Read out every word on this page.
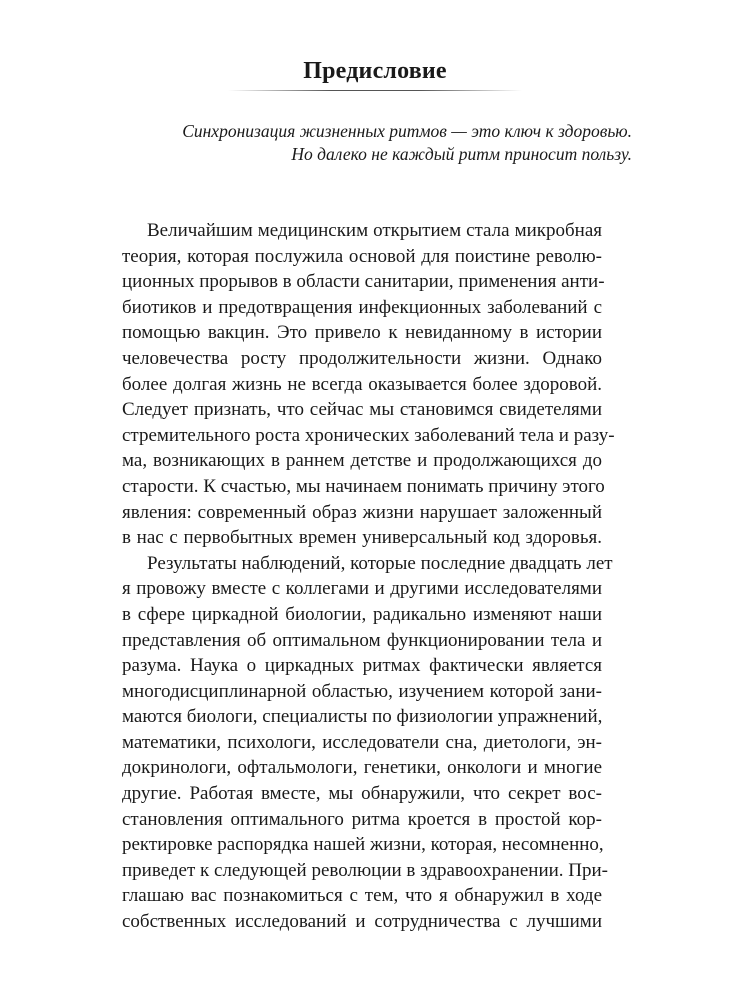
Предисловие
Синхронизация жизненных ритмов — это ключ к здоровью.
Но далеко не каждый ритм приносит пользу.
Величайшим медицинским открытием стала микробная
теория, которая послужила основой для поистине револю-
ционных прорывов в области санитарии, применения анти-
биотиков и предотвращения инфекционных заболеваний с
помощью вакцин. Это привело к невиданному в истории
человечества росту продолжительности жизни. Однако
более долгая жизнь не всегда оказывается более здоровой.
Следует признать, что сейчас мы становимся свидетелями
стремительного роста хронических заболеваний тела и разу-
ма, возникающих в раннем детстве и продолжающихся до
старости. К счастью, мы начинаем понимать причину этого
явления: современный образ жизни нарушает заложенный
в нас с первобытных времен универсальный код здоровья.
Результаты наблюдений, которые последние двадцать лет
я провожу вместе с коллегами и другими исследователями
в сфере циркадной биологии, радикально изменяют наши
представления об оптимальном функционировании тела и
разума. Наука о циркадных ритмах фактически является
многодисциплинарной областью, изучением которой зани-
маются биологи, специалисты по физиологии упражнений,
математики, психологи, исследователи сна, диетологи, эн-
докринологи, офтальмологи, генетики, онкологи и многие
другие. Работая вместе, мы обнаружили, что секрет вос-
становления оптимального ритма кроется в простой кор-
ректировке распорядка нашей жизни, которая, несомненно,
приведет к следующей революции в здравоохранении. При-
глашаю вас познакомиться с тем, что я обнаружил в ходе
собственных исследований и сотрудничества с лучшими
